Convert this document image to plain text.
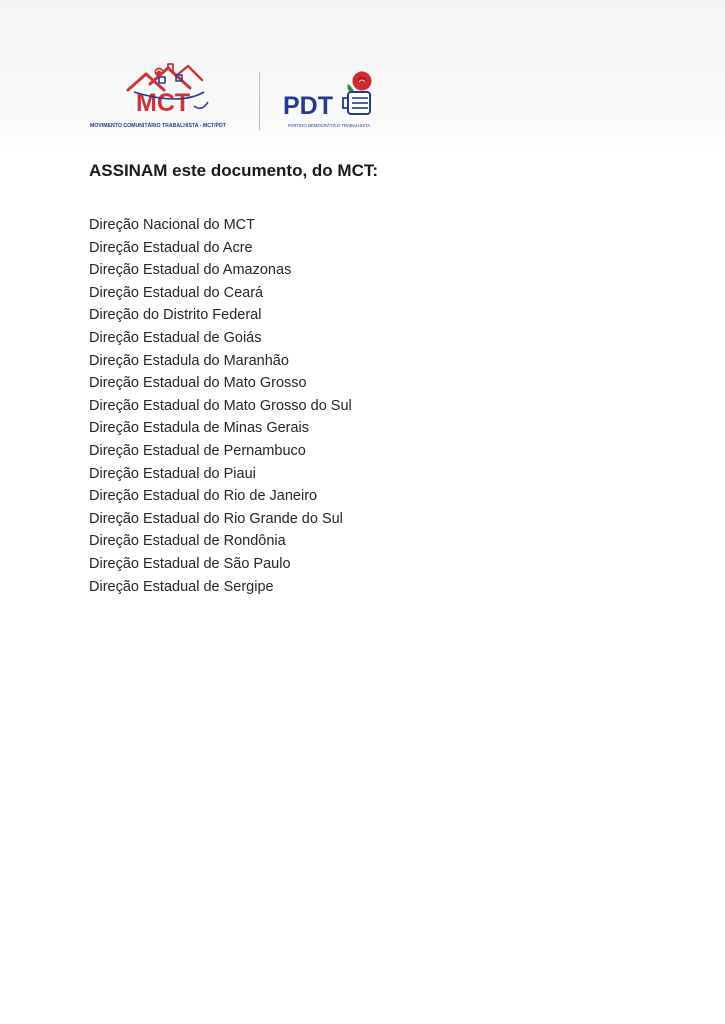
MCT
MOVIMENTO COMUNITÁRIO TRABALHISTA - MCT/PDT
PDT
PARTIDO DEMOCRÁTICO TRABALHISTA
ASSINAM este documento, do MCT:
Direção Nacional do MCT
Direção Estadual do Acre
Direção Estadual do Amazonas
Direção Estadual do Ceará
Direção do Distrito Federal
Direção Estadual de Goiás
Direção Estadula do Maranhão
Direção Estadual do Mato Grosso
Direção Estadual do Mato Grosso do Sul
Direção Estadula de Minas Gerais
Direção Estadual de Pernambuco
Direção Estadual do Piaui
Direção Estadual do Rio de Janeiro
Direção Estadual do Rio Grande do Sul
Direção Estadual de Rondônia
Direção Estadual de São Paulo
Direção Estadual de Sergipe
